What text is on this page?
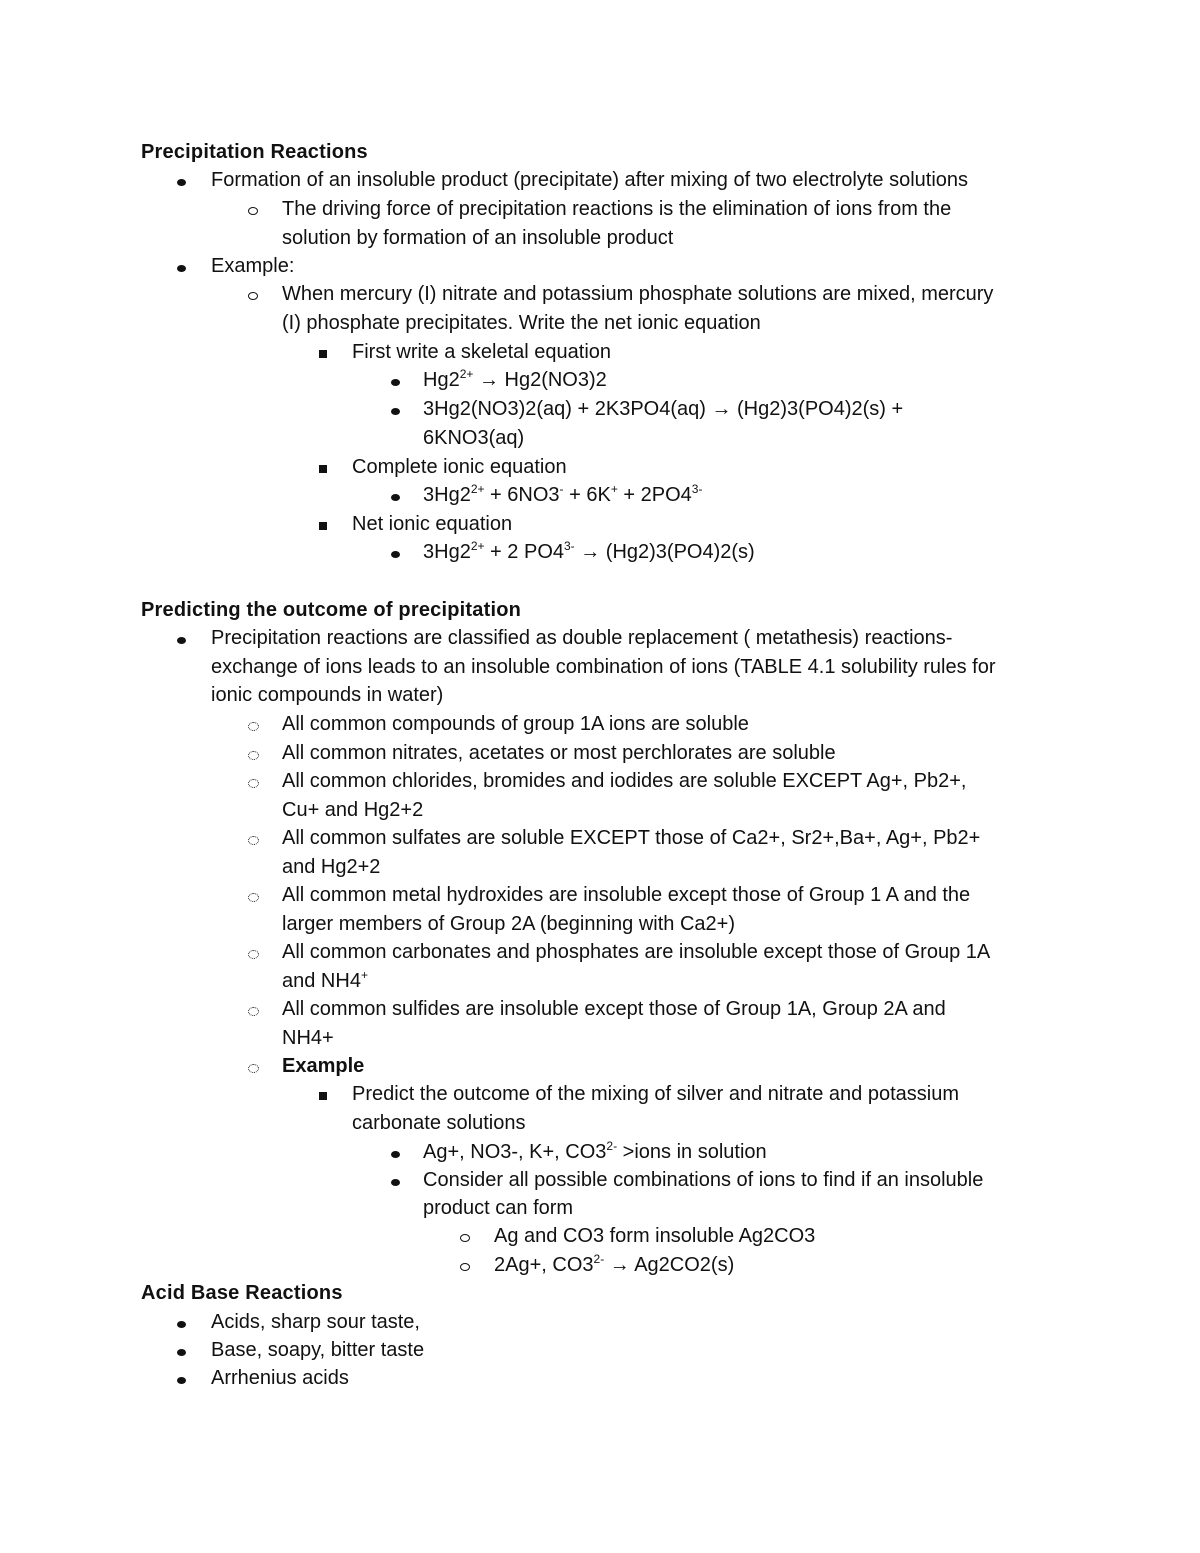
Precipitation Reactions
Formation of an insoluble product (precipitate) after mixing of two electrolyte solutions
The driving force of precipitation reactions is the elimination of ions from the
solution by formation of an insoluble product
Example:
When mercury (I) nitrate and potassium phosphate solutions are mixed, mercury
(I) phosphate precipitates. Write the net ionic equation
First write a skeletal equation
$Hg2^{2+} \to Hg2(NO3)2$
3Hg2(NO3)2(aq) + 2K3PO4(aq) → (Hg2)3(PO4)2(s) +
6KNO3(aq)
Complete ionic equation
$3Hg2^{2+} + 6NO3^- + 6K^+ + 2PO4^{3-}$
Net ionic equation
$3Hg2^{2+} + 2$ $PO4^{3-} \to (Hg2)3(PO4)2(s)$
Predicting the outcome of precipitation
Precipitation reactions are classified as double replacement ( metathesis) reactions-
exchange of ions leads to an insoluble combination of ions (TABLE 4.1 solubility rules for
ionic compounds in water)
All common compounds of group 1A ions are soluble
All common nitrates, acetates or most perchlorates are soluble
All common chlorides, bromides and iodides are soluble EXCEPT Ag+, Pb2+,
Cu+ and Hg2+2
All common sulfates are soluble EXCEPT those of Ca2+, Sr2+,Ba+, Ag+, Pb2+
and Hg2+2
All common metal hydroxides are insoluble except those of Group 1 A and the
larger members of Group 2A (beginning with Ca2+)
All common carbonates and phosphates are insoluble except those of Group 1A
and NH4+
All common sulfides are insoluble except those of Group 1A, Group 2A and
NH4+
Example
Predict the outcome of the mixing of silver and nitrate and potassium
carbonate solutions
Ag+, NO3-, K+, $CO3^{2-}$ >ions in solution
Consider all possible combinations of ions to find if an insoluble
product can form
Ag and CO3 form insoluble Ag2CO3
2Ag+, $CO3^{2-} \to Ag2CO2(s)$
Acid Base Reactions
Acids, sharp sour taste,
Base, soapy, bitter taste
Arrhenius acids
